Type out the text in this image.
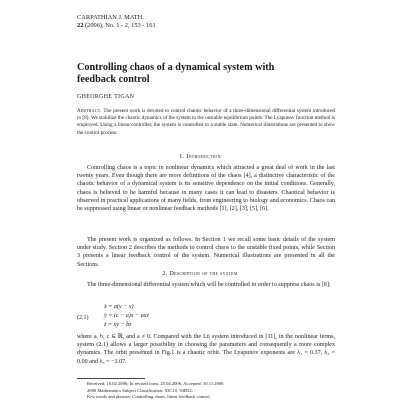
CARPATHIAN J. MATH.
22 (2006), No. 1 - 2, 153 - 161
Controlling chaos of a dynamical system with
feedback control
GHEORGHE TIGAN
Abstract. The present work is devoted to control chaotic behavior of a three-dimensional differential system introduced in [8]. We stabilize the chaotic dynamics of the system to the unstable equilibrium points. The Lyapunov function method is employed. Using a linear controller, the system is controlled to a stable state. Numerical illustrations are presented to show the control process.
1. Introduction
Controlling chaos is a topic in nonlinear dynamics which attracted a great deal of work in the last twenty years. Even though there are more definitions of the chaos [4], a distinctive characteristic of the chaotic behavior of a dynamical system is its sensitive dependence on the initial conditions. Generally, chaos is believed to be harmful because in many cases it can lead to disasters. Chaotical behavior is observed in practical applications of many fields, from engineering to biology and economics. Chaos can be suppressed using linear or nonlinear feedback methods [1], [2], [3], [5], [6].
The present work is organized as follows. In Section 1 we recall some basic details of the system under study. Section 2 describes the methods to control chaos to the unstable fixed points, while Section 3 presents a linear feedback control of the system. Numerical illustrations are presented in all the Sections.
2. Description of the system
The three-dimensional differential system which will be controlled in order to suppress chaos is [8]:
(2.1)
ẋ = a(y − x)
ẏ = (c − a)x − axz
ż = xy − bz
where a, b, c ∈ ℝ, and a ≠ 0. Compared with the Lü system introduced in [11], in the nonlinear terms, system (2.1) allows a larger possibility in choosing the parameters and consequently a more complex dynamics. The orbit presented in Fig.1 is a chaotic orbit. The Lyapunov exponents are λ₁ = 0.37, λ₂ = 0.00 and λ₃ = −3.07.
Received: 10.02.2006; In revised form: 25.04.2006; Accepted: 10.11.2006
2000 Mathematics Subject Classification: 93C10, 93B52.
Key words and phrases: Controlling chaos, linear feedback control.
